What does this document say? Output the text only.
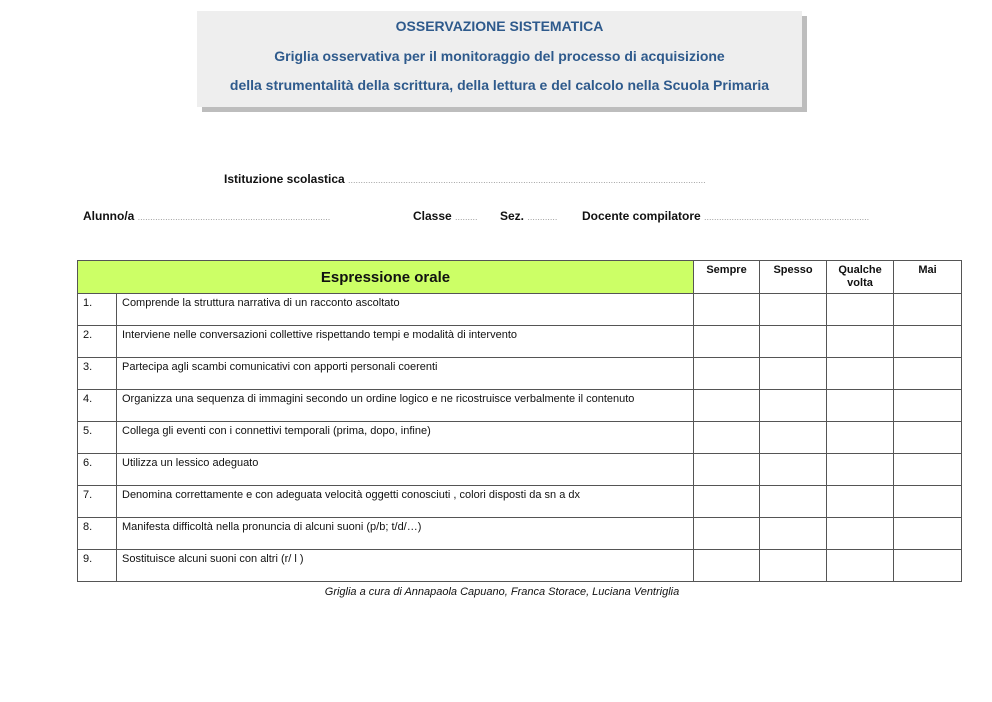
OSSERVAZIONE SISTEMATICA
Griglia osservativa per il monitoraggio del processo di acquisizione
della strumentalità della scrittura, della lettura e del calcolo nella Scuola Primaria
Istituzione scolastica ...............................................................................................................................................
Alunno/a .............................................................................	Classe ......... Sez. ............ Docente compilatore ..................................................................
Espressione orale		Sempre	Spesso	Qualche volta	Mai
1.	Comprende la struttura narrativa di un racconto ascoltato				
2.	Interviene nelle conversazioni collettive rispettando tempi e modalità di intervento				
3.	Partecipa agli scambi comunicativi con apporti personali coerenti				
4.	Organizza una sequenza di immagini secondo un ordine logico e ne ricostruisce verbalmente il contenuto				
5.	Collega gli eventi con i connettivi temporali (prima, dopo, infine)				
6.	Utilizza un lessico adeguato				
7.	Denomina correttamente e con adeguata velocità oggetti conosciuti , colori disposti da sn a dx				
8.	Manifesta difficoltà nella pronuncia di alcuni suoni (p/b; t/d/…)				
9.	Sostituisce alcuni suoni con altri (r/ l )				
Griglia a cura di Annapaola Capuano, Franca Storace, Luciana Ventriglia
